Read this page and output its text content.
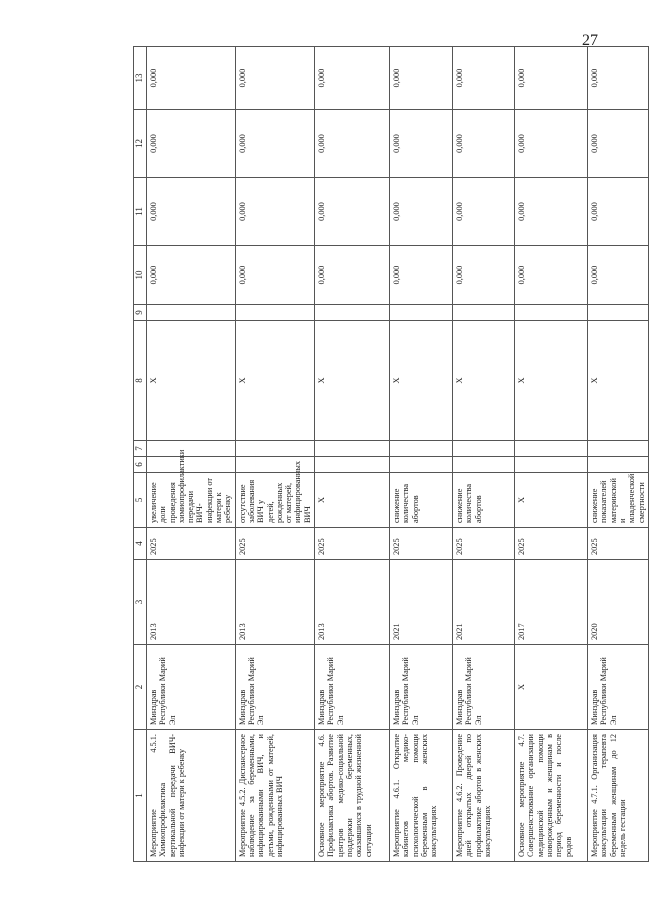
27
1	2	3	4	5	6	7	8	9	10	11	12	13
Мероприятие 4.5.1. Химиопрофилактика вертикальной передачи ВИЧ-инфекции от матери к ребенку	Минздрав Республики Марий Эл	2013	2025	увеличение доли проведения химиопрофилактики передачи ВИЧ-инфекции от матери к ребенку			X		0,000	0,000	0,000	0,000
Мероприятие 4.5.2. Диспансерное наблюдение за беременными, инфицированными ВИЧ, и детьми, рожденными от матерей, инфицированных ВИЧ	Минздрав Республики Марий Эл	2013	2025	отсутствие заболевания ВИЧ у детей, рожденных от матерей, инфицированных ВИЧ			X		0,000	0,000	0,000	0,000
Основное мероприятие 4.6. Профилактика абортов. Развитие центров медико-социальной поддержки беременных, оказавшихся в трудной жизненной ситуации	Минздрав Республики Марий Эл	2013	2025	X			X		0,000	0,000	0,000	0,000
Мероприятие 4.6.1. Открытие кабинетов медико-психологической помощи беременным в женских консультациях	Минздрав Республики Марий Эл	2021	2025	снижение количества абортов			X		0,000	0,000	0,000	0,000
Мероприятие 4.6.2. Проведение дней открытых дверей по профилактике абортов в женских консультациях	Минздрав Республики Марий Эл	2021	2025	снижение количества абортов			X		0,000	0,000	0,000	0,000
Основное мероприятие 4.7. Совершенствование организации медицинской помощи новорожденным и женщинам в период беременности и после родов	X	2017	2025	X			X		0,000	0,000	0,000	0,000
Мероприятие 4.7.1. Организация консультации терапевта беременным женщинам до 12 недель гестации	Минздрав Республики Марий Эл	2020	2025	снижение показателей материнской и младенческой смертности			X		0,000	0,000	0,000	0,000
